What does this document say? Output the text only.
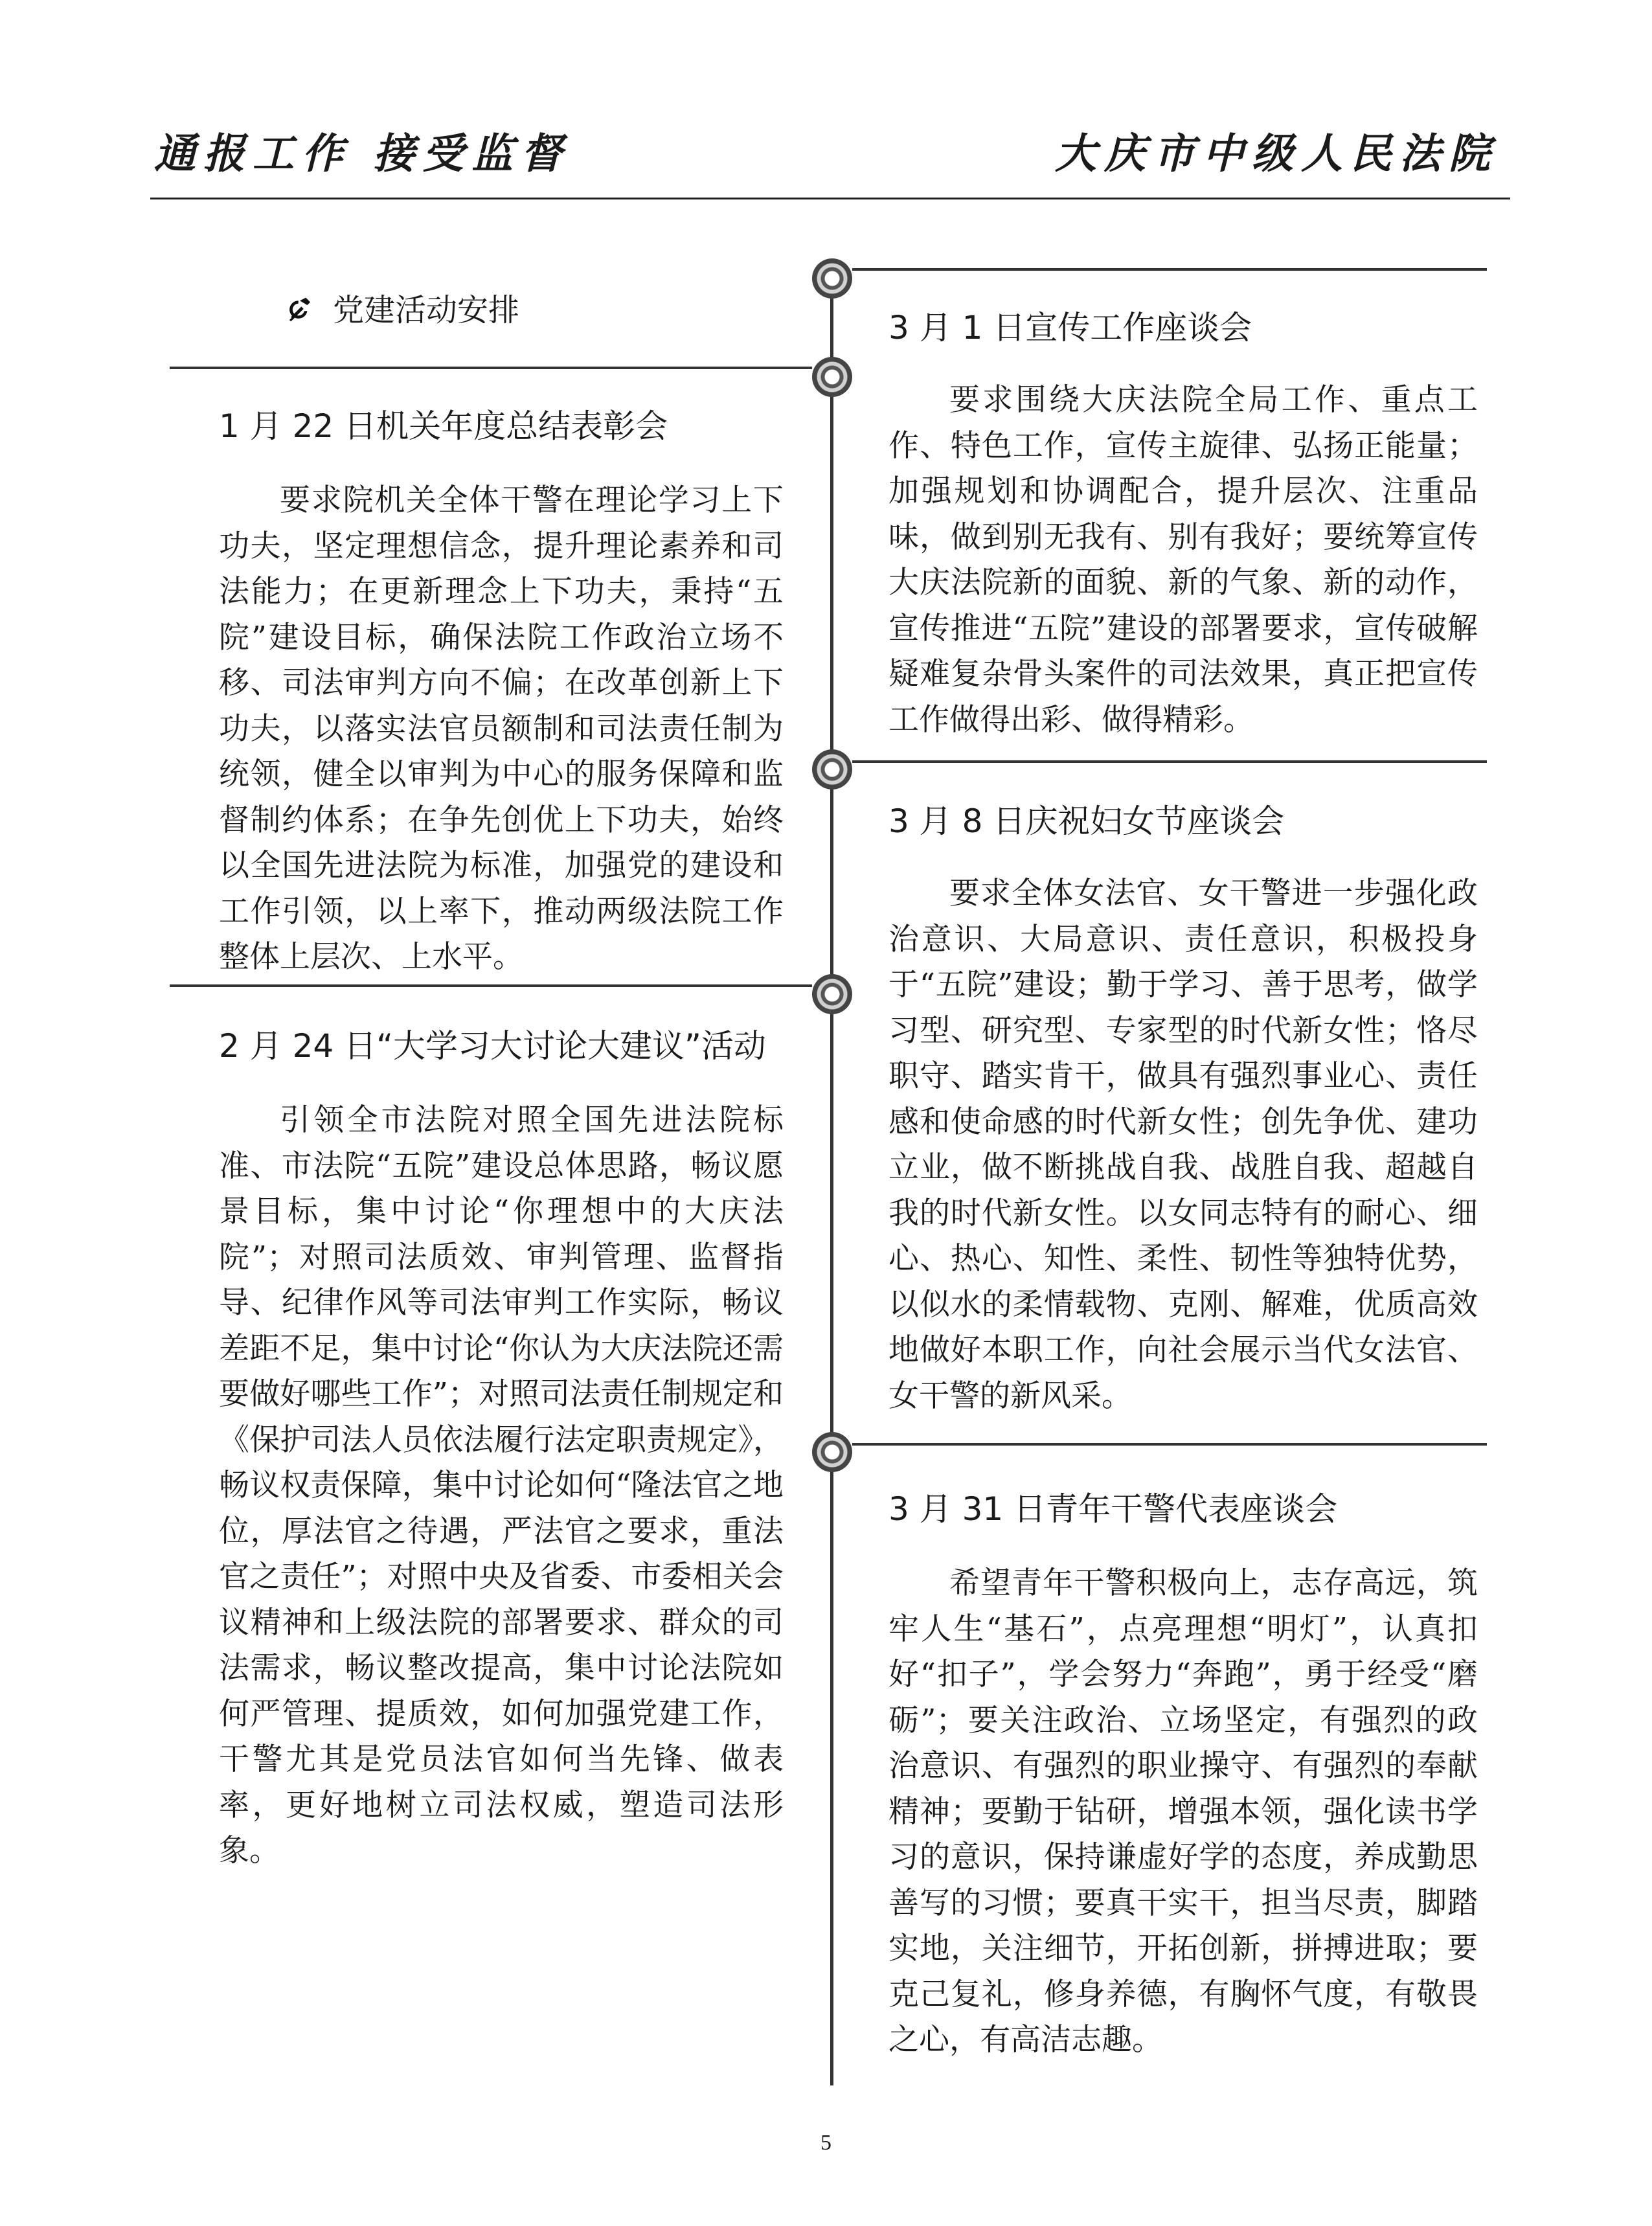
通报工作 接受监督	大庆市中级人民法院
党建活动安排
1 月 22 日机关年度总结表彰会
要求院机关全体干警在理论学习上下功夫，坚定理想信念，提升理论素养和司法能力；在更新理念上下功夫，秉持“五院”建设目标，确保法院工作政治立场不移、司法审判方向不偏；在改革创新上下功夫，以落实法官员额制和司法责任制为统领，健全以审判为中心的服务保障和监督制约体系；在争先创优上下功夫，始终以全国先进法院为标准，加强党的建设和工作引领，以上率下，推动两级法院工作整体上层次、上水平。
2 月 24 日“大学习大讨论大建议”活动
引领全市法院对照全国先进法院标准、市法院“五院”建设总体思路，畅议愿景目标，集中讨论“你理想中的大庆法院”；对照司法质效、审判管理、监督指导、纪律作风等司法审判工作实际，畅议差距不足，集中讨论“你认为大庆法院还需要做好哪些工作”；对照司法责任制规定和《保护司法人员依法履行法定职责规定》，畅议权责保障，集中讨论如何“隆法官之地位，厚法官之待遇，严法官之要求，重法官之责任”；对照中央及省委、市委相关会议精神和上级法院的部署要求、群众的司法需求，畅议整改提高，集中讨论法院如何严管理、提质效，如何加强党建工作，干警尤其是党员法官如何当先锋、做表率，更好地树立司法权威，塑造司法形象。
3 月 1 日宣传工作座谈会
要求围绕大庆法院全局工作、重点工作、特色工作，宣传主旋律、弘扬正能量；加强规划和协调配合，提升层次、注重品味，做到别无我有、别有我好；要统筹宣传大庆法院新的面貌、新的气象、新的动作，宣传推进“五院”建设的部署要求，宣传破解疑难复杂骨头案件的司法效果，真正把宣传工作做得出彩、做得精彩。
3 月 8 日庆祝妇女节座谈会
要求全体女法官、女干警进一步强化政治意识、大局意识、责任意识，积极投身于“五院”建设；勤于学习、善于思考，做学习型、研究型、专家型的时代新女性；恪尽职守、踏实肯干，做具有强烈事业心、责任感和使命感的时代新女性；创先争优、建功立业，做不断挑战自我、战胜自我、超越自我的时代新女性。以女同志特有的耐心、细心、热心、知性、柔性、韧性等独特优势，以似水的柔情载物、克刚、解难，优质高效地做好本职工作，向社会展示当代女法官、女干警的新风采。
3 月 31 日青年干警代表座谈会
希望青年干警积极向上，志存高远，筑牢人生“基石”，点亮理想“明灯”，认真扣好“扣子”，学会努力“奔跑”，勇于经受“磨砺”；要关注政治、立场坚定，有强烈的政治意识、有强烈的职业操守、有强烈的奉献精神；要勤于钻研，增强本领，强化读书学习的意识，保持谦虚好学的态度，养成勤思善写的习惯；要真干实干，担当尽责，脚踏实地，关注细节，开拓创新，拼搏进取；要克己复礼，修身养德，有胸怀气度，有敬畏之心，有高洁志趣。
5
